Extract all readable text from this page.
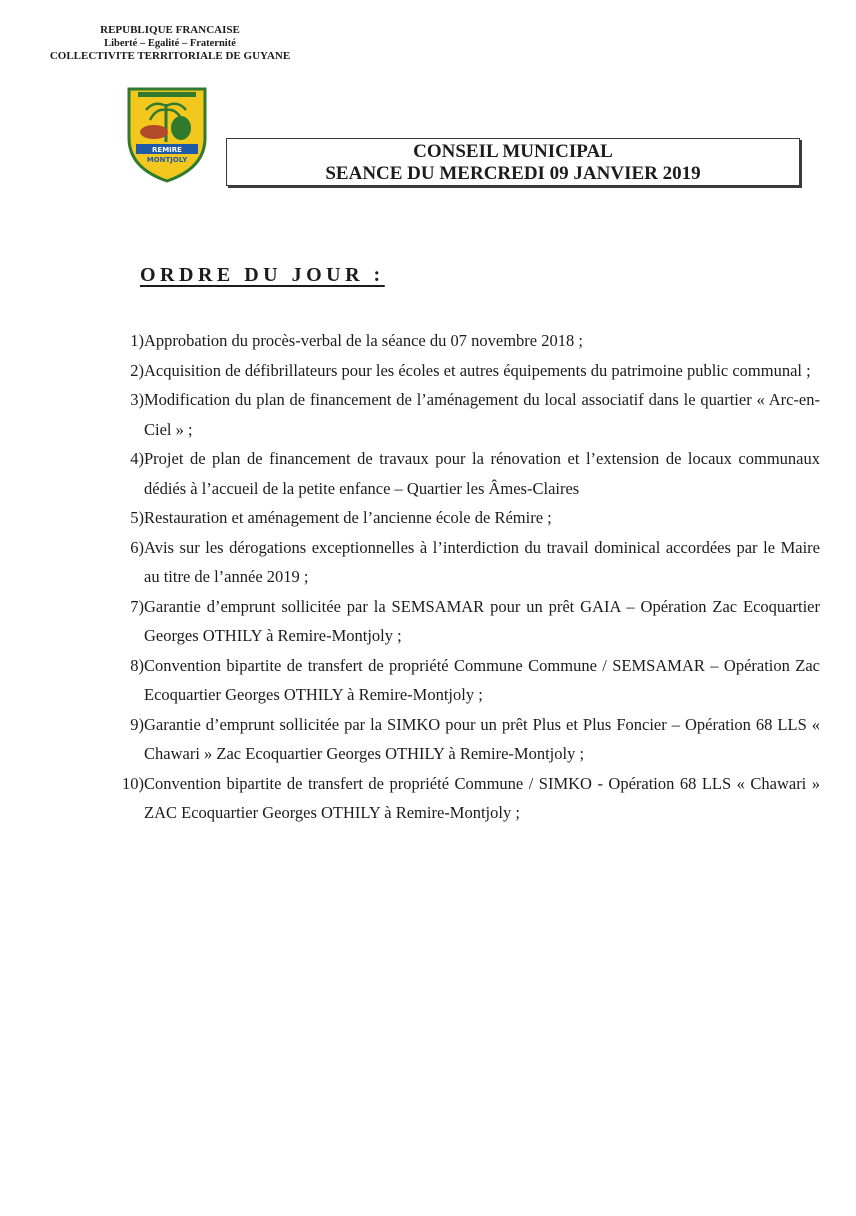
REPUBLIQUE FRANCAISE
Liberté – Egalité – Fraternité
COLLECTIVITE TERRITORIALE DE GUYANE
REMIRE
MONTJOLY	CONSEIL MUNICIPAL
SEANCE DU MERCREDI 09 JANVIER 2019
ORDRE DU JOUR :
1) Approbation du procès-verbal de la séance du 07 novembre 2018 ;
2) Acquisition de défibrillateurs pour les écoles et autres équipements du patrimoine public communal ;
3) Modification du plan de financement de l’aménagement du local associatif dans le quartier « Arc-en-Ciel » ;
4) Projet de plan de financement de travaux pour la rénovation et l’extension de locaux communaux dédiés à l’accueil de la petite enfance – Quartier les Âmes-Claires
5) Restauration et aménagement de l’ancienne école de Rémire ;
6) Avis sur les dérogations exceptionnelles à l’interdiction du travail dominical accordées par le Maire au titre de l’année 2019 ;
7) Garantie d’emprunt sollicitée par la SEMSAMAR pour un prêt GAIA – Opération Zac Ecoquartier Georges OTHILY à Remire-Montjoly ;
8) Convention bipartite de transfert de propriété Commune Commune / SEMSAMAR – Opération Zac Ecoquartier Georges OTHILY à Remire-Montjoly ;
9) Garantie d’emprunt sollicitée par la SIMKO pour un prêt Plus et Plus Foncier – Opération 68 LLS « Chawari » Zac Ecoquartier Georges OTHILY à Remire-Montjoly ;
10) Convention bipartite de transfert de propriété Commune / SIMKO - Opération 68 LLS « Chawari » ZAC Ecoquartier Georges OTHILY à Remire-Montjoly ;
